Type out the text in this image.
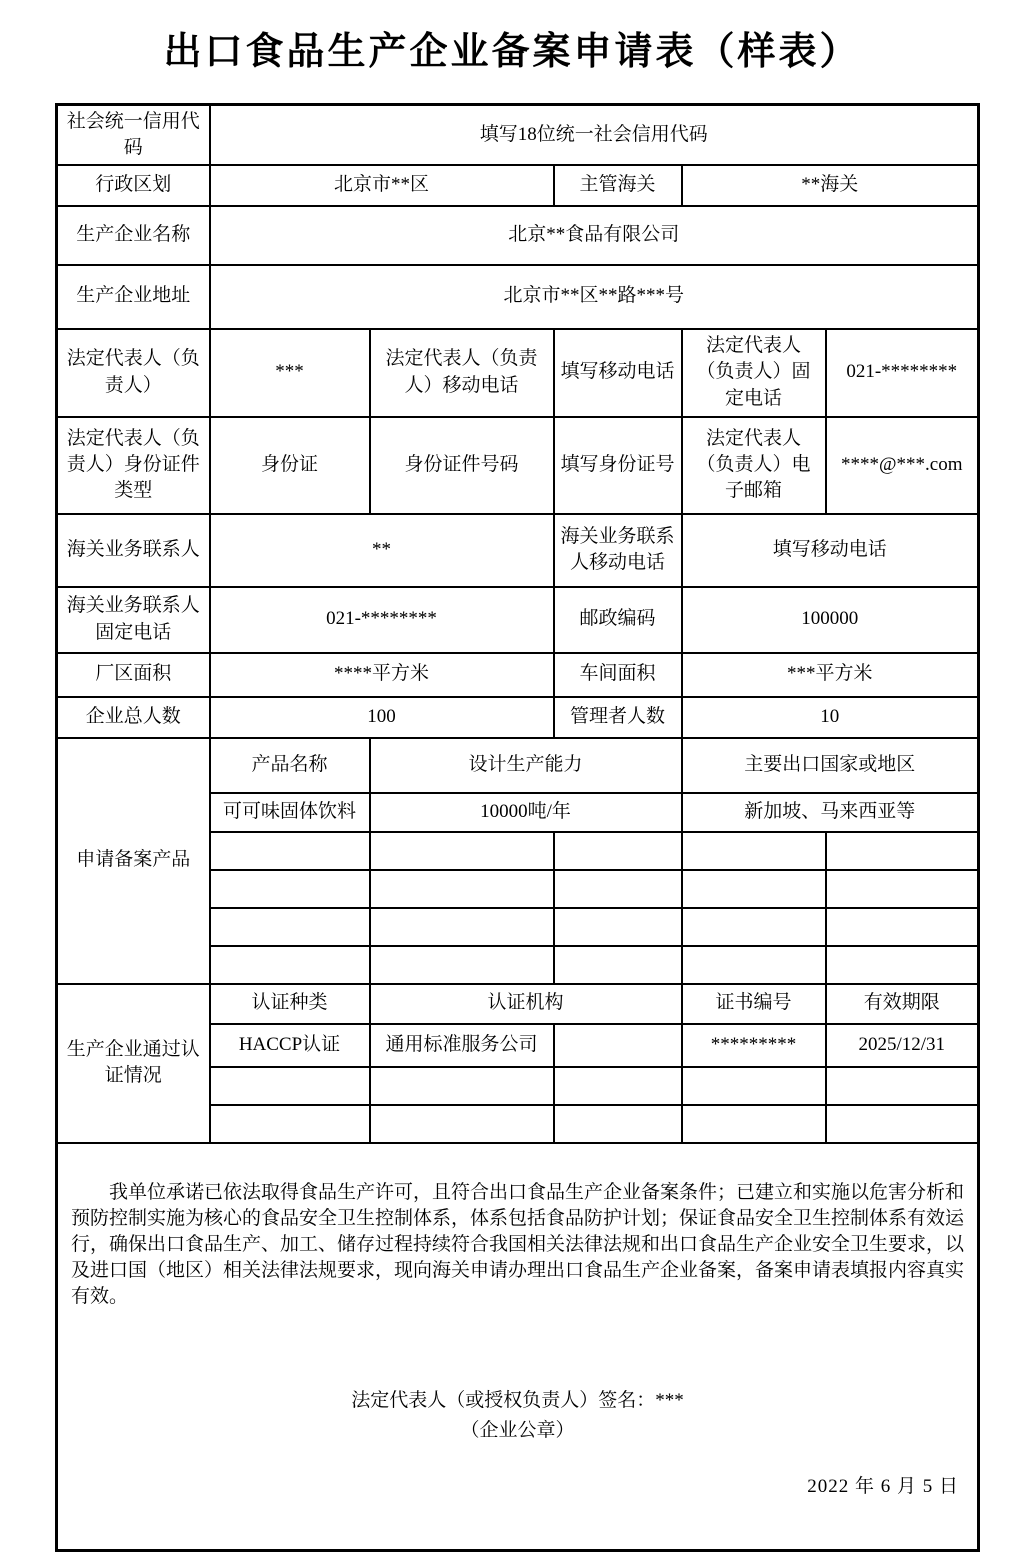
出口食品生产企业备案申请表（样表）
社会统一信用代码	填写18位统一社会信用代码				
行政区划	北京市**区		主管海关	**海关	
生产企业名称	北京**食品有限公司				
生产企业地址	北京市**区**路***号				
法定代表人（负责人）	***	法定代表人（负责人）移动电话	填写移动电话	法定代表人（负责人）固定电话	021-********
法定代表人（负责人）身份证件类型	身份证	身份证件号码	填写身份证号	法定代表人（负责人）电子邮箱	****@***.com
海关业务联系人	**		海关业务联系人移动电话	填写移动电话	
海关业务联系人固定电话	021-********		邮政编码	100000	
厂区面积	****平方米		车间面积	***平方米	
企业总人数	100		管理者人数	10	
申请备案产品	产品名称	设计生产能力		主要出口国家或地区	
	可可味固体饮料	10000吨/年		新加坡、马来西亚等	

生产企业通过认证情况	认证种类	认证机构		证书编号	有效期限
	HACCP认证	通用标准服务公司		*********	2025/12/31

我单位承诺已依法取得食品生产许可，且符合出口食品生产企业备案条件；已建立和实施以危害分析和预防控制实施为核心的食品安全卫生控制体系，体系包括食品防护计划；保证食品安全卫生控制体系有效运行，确保出口食品生产、加工、储存过程持续符合我国相关法律法规和出口食品生产企业安全卫生要求，以及进口国（地区）相关法律法规要求，现向海关申请办理出口食品生产企业备案，备案申请表填报内容真实有效。

法定代表人（或授权负责人）签名：***
（企业公章）
2022 年 6 月 5 日					
